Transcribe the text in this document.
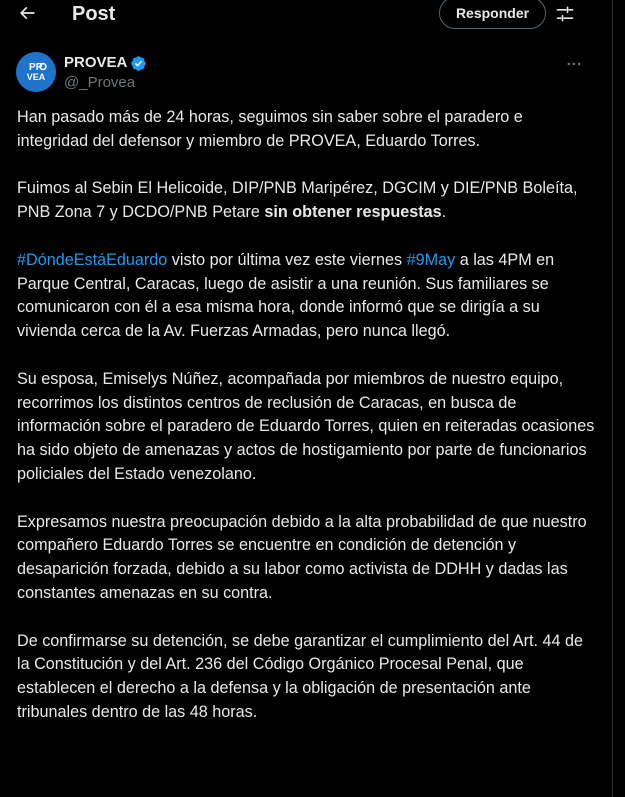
Post	Responder
PR
VEA
PROVEA
@_Provea

Han pasado más de 24 horas, seguimos sin saber sobre el paradero e integridad del defensor y miembro de PROVEA, Eduardo Torres.

Fuimos al Sebin El Helicoide, DIP/PNB Maripérez, DGCIM y DIE/PNB Boleíta, PNB Zona 7 y DCDO/PNB Petare sin obtener respuestas.

#DóndeEstáEduardo visto por última vez este viernes #9May a las 4PM en Parque Central, Caracas, luego de asistir a una reunión. Sus familiares se comunicaron con él a esa misma hora, donde informó que se dirigía a su vivienda cerca de la Av. Fuerzas Armadas, pero nunca llegó.

Su esposa, Emiselys Núñez, acompañada por miembros de nuestro equipo, recorrimos los distintos centros de reclusión de Caracas, en busca de información sobre el paradero de Eduardo Torres, quien en reiteradas ocasiones ha sido objeto de amenazas y actos de hostigamiento por parte de funcionarios policiales del Estado venezolano.

Expresamos nuestra preocupación debido a la alta probabilidad de que nuestro compañero Eduardo Torres se encuentre en condición de detención y desaparición forzada, debido a su labor como activista de DDHH y dadas las constantes amenazas en su contra.

De confirmarse su detención, se debe garantizar el cumplimiento del Art. 44 de la Constitución y del Art. 236 del Código Orgánico Procesal Penal, que establecen el derecho a la defensa y la obligación de presentación ante tribunales dentro de las 48 horas.
